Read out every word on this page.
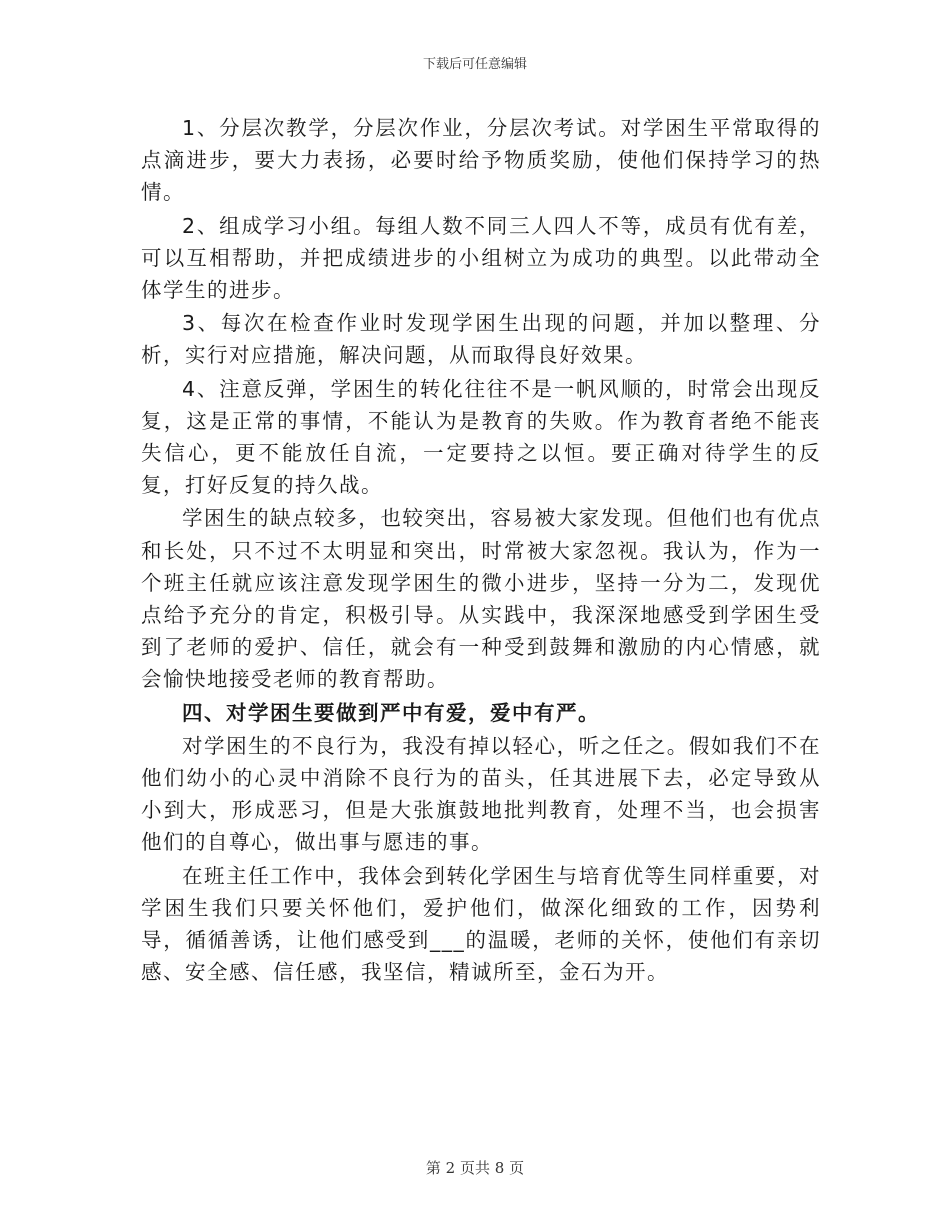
下载后可任意编辑

1、分层次教学，分层次作业，分层次考试。对学困生平常取得的点滴进步，要大力表扬，必要时给予物质奖励，使他们保持学习的热情。

2、组成学习小组。每组人数不同三人四人不等，成员有优有差，可以互相帮助，并把成绩进步的小组树立为成功的典型。以此带动全体学生的进步。

3、每次在检查作业时发现学困生出现的问题，并加以整理、分析，实行对应措施，解决问题，从而取得良好效果。

4、注意反弹，学困生的转化往往不是一帆风顺的，时常会出现反复，这是正常的事情，不能认为是教育的失败。作为教育者绝不能丧失信心，更不能放任自流，一定要持之以恒。要正确对待学生的反复，打好反复的持久战。

学困生的缺点较多，也较突出，容易被大家发现。但他们也有优点和长处，只不过不太明显和突出，时常被大家忽视。我认为，作为一个班主任就应该注意发现学困生的微小进步，坚持一分为二，发现优点给予充分的肯定，积极引导。从实践中，我深深地感受到学困生受到了老师的爱护、信任，就会有一种受到鼓舞和激励的内心情感，就会愉快地接受老师的教育帮助。

四、对学困生要做到严中有爱，爱中有严。

对学困生的不良行为，我没有掉以轻心，听之任之。假如我们不在他们幼小的心灵中消除不良行为的苗头，任其进展下去，必定导致从小到大，形成恶习，但是大张旗鼓地批判教育，处理不当，也会损害他们的自尊心，做出事与愿违的事。

在班主任工作中，我体会到转化学困生与培育优等生同样重要，对学困生我们只要关怀他们，爱护他们，做深化细致的工作，因势利导，循循善诱，让他们感受到___的温暖，老师的关怀，使他们有亲切感、安全感、信任感，我坚信，精诚所至，金石为开。

第 2 页共 8 页
